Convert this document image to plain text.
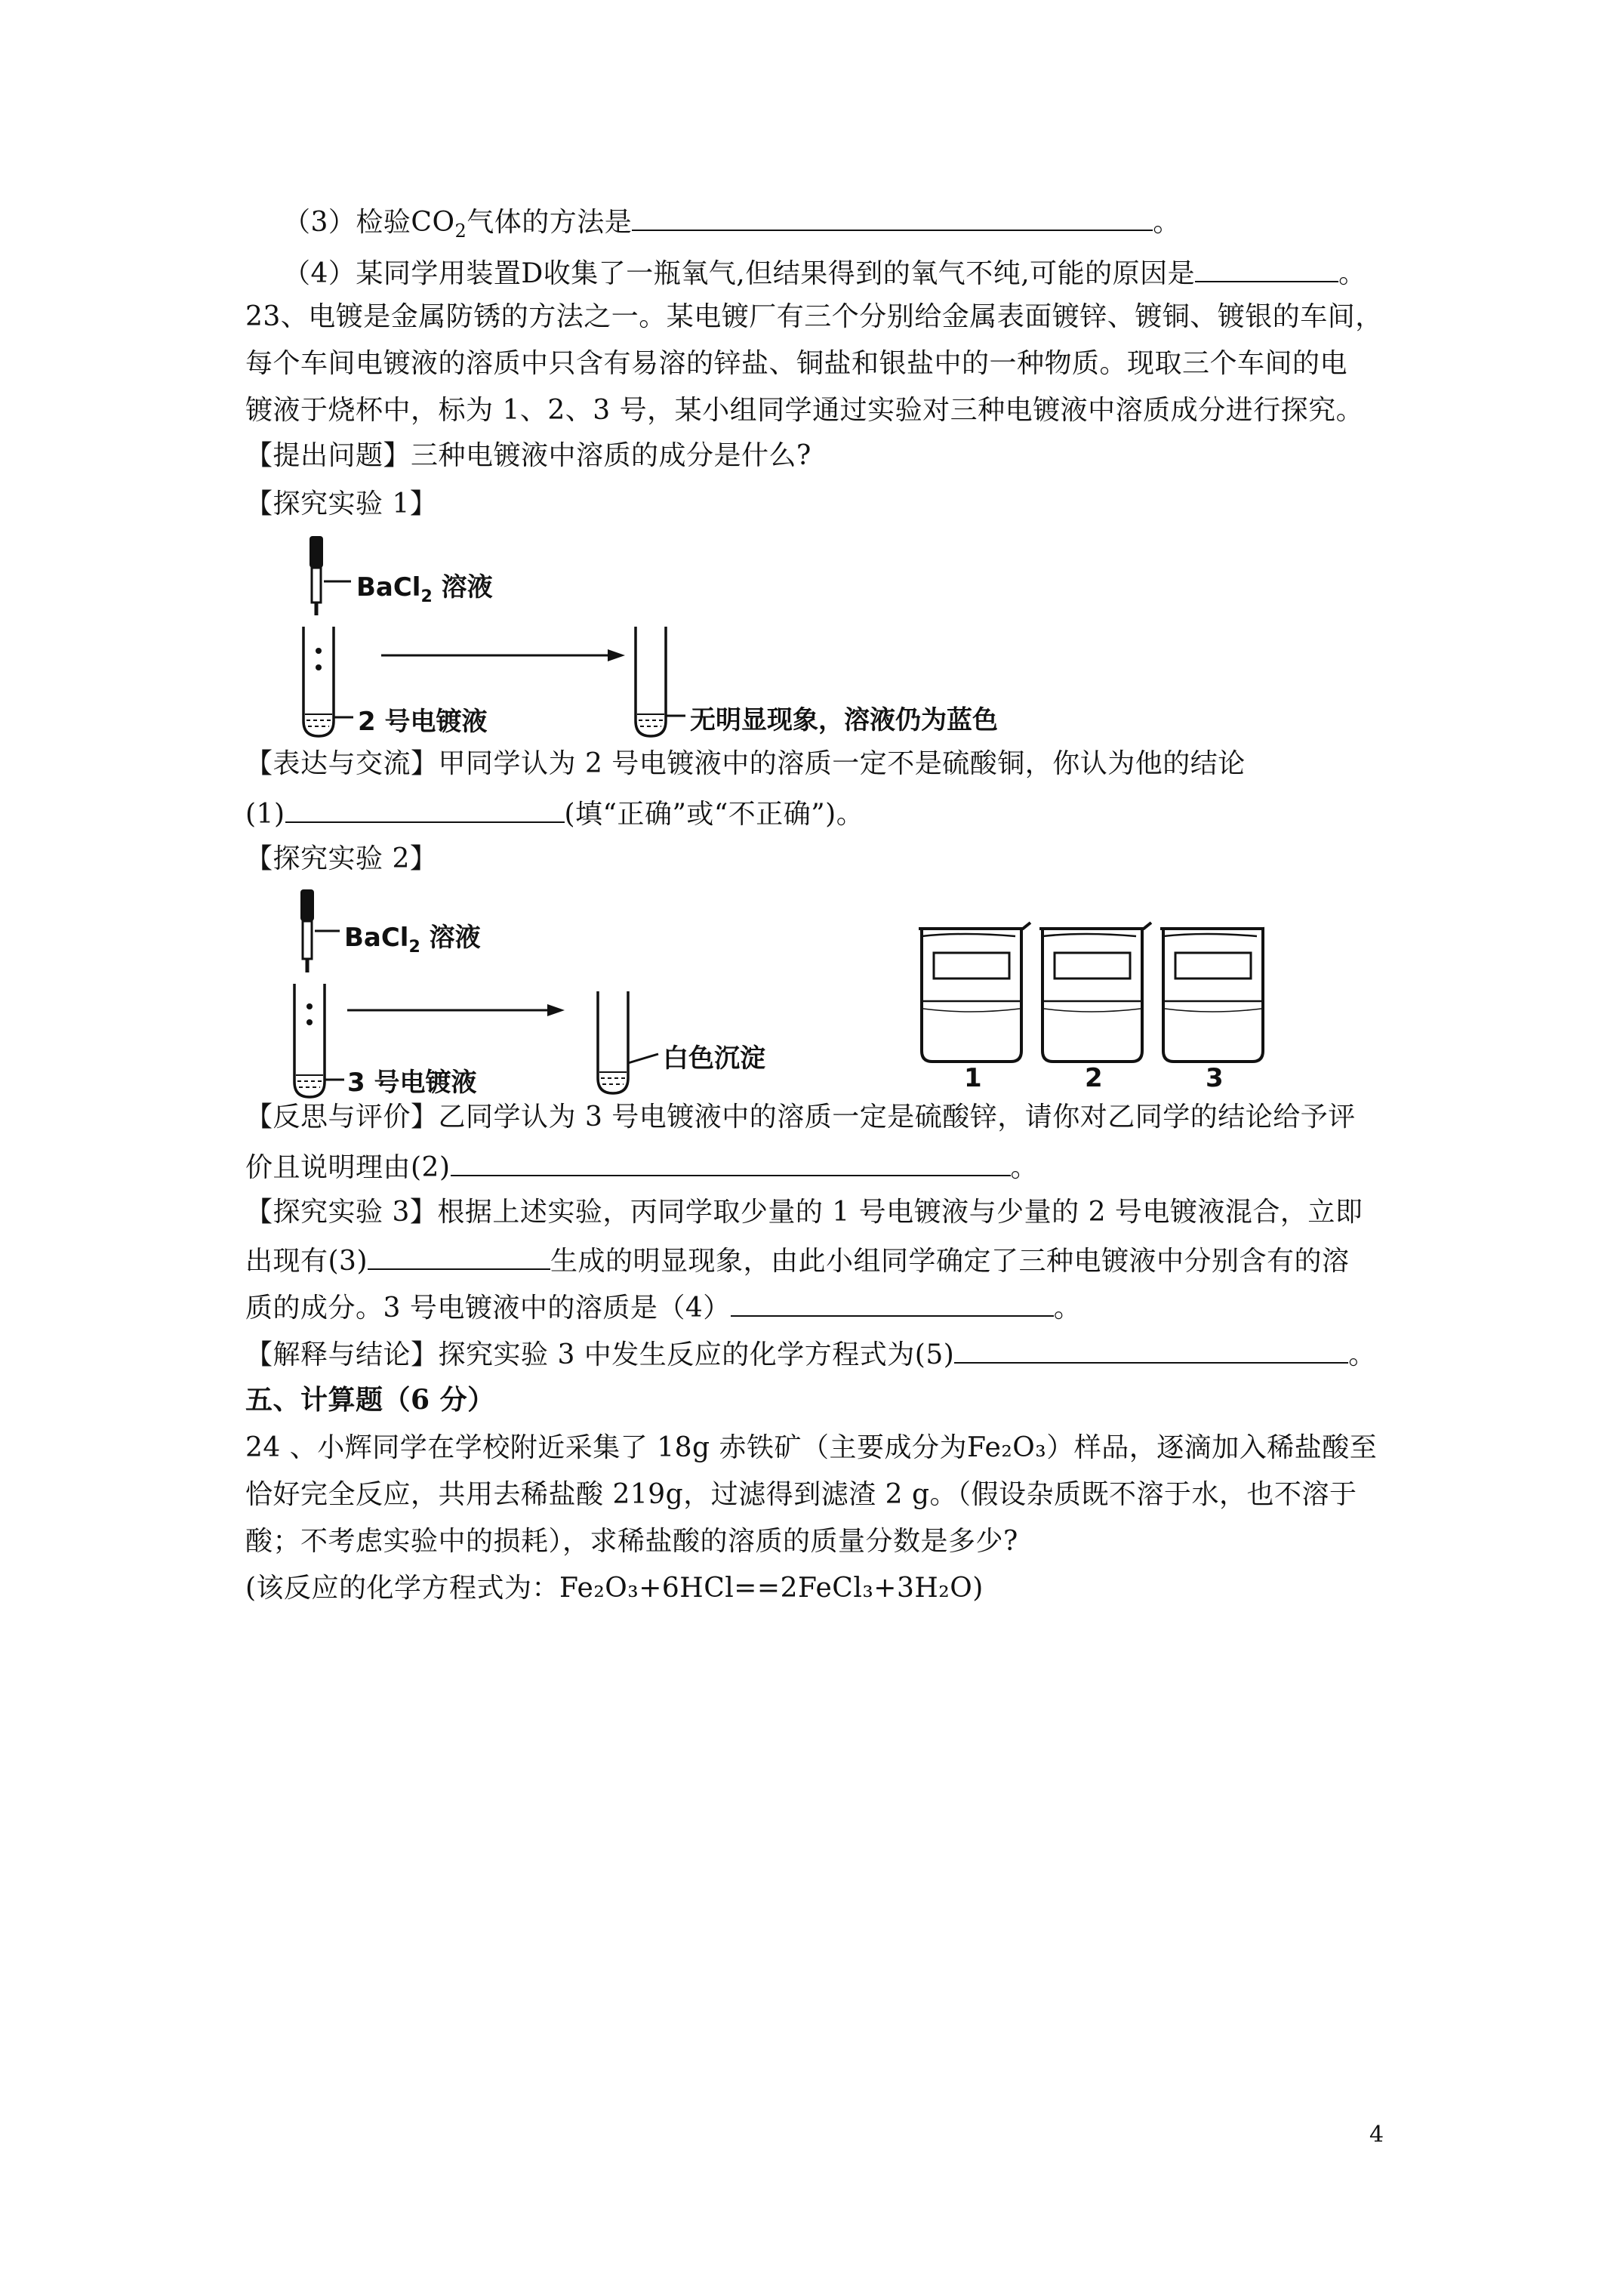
（3）检验$CO_2$气体的方法是	。
（4）某同学用装置D收集了一瓶氧气,但结果得到的氧气不纯,可能的原因是	。
23、电镀是金属防锈的方法之一。某电镀厂有三个分别给金属表面镀锌、镀铜、镀银的车间，
每个车间电镀液的溶质中只含有易溶的锌盐、铜盐和银盐中的一种物质。现取三个车间的电
镀液于烧杯中，标为 1、2、3 号，某小组同学通过实验对三种电镀液中溶质成分进行探究。
【提出问题】三种电镀液中溶质的成分是什么?
【探究实验 1】
BaCl$_2$ 溶液
2 号电镀液	无明显现象，溶液仍为蓝色
【表达与交流】甲同学认为 2 号电镀液中的溶质一定不是硫酸铜，你认为他的结论
(1)	(填“正确”或“不正确”)。
【探究实验 2】
BaCl$_2$ 溶液
3 号电镀液
白色沉淀
1	2	3
【反思与评价】乙同学认为 3 号电镀液中的溶质一定是硫酸锌，请你对乙同学的结论给予评
价且说明理由(2)	。
【探究实验 3】根据上述实验，丙同学取少量的 1 号电镀液与少量的 2 号电镀液混合，立即
出现有(3)	生成的明显现象，由此小组同学确定了三种电镀液中分别含有的溶
质的成分。3 号电镀液中的溶质是（4）	。
【解释与结论】探究实验 3 中发生反应的化学方程式为(5)	。
五、计算题（6 分）
24 、小辉同学在学校附近采集了 18g 赤铁矿（主要成分为Fe₂O₃）样品，逐滴加入稀盐酸至
恰好完全反应，共用去稀盐酸 219g，过滤得到滤渣 2 g。（假设杂质既不溶于水，也不溶于
酸；不考虑实验中的损耗），求稀盐酸的溶质的质量分数是多少?
(该反应的化学方程式为：Fe₂O₃+6HCl==2FeCl₃+3H₂O)
4
